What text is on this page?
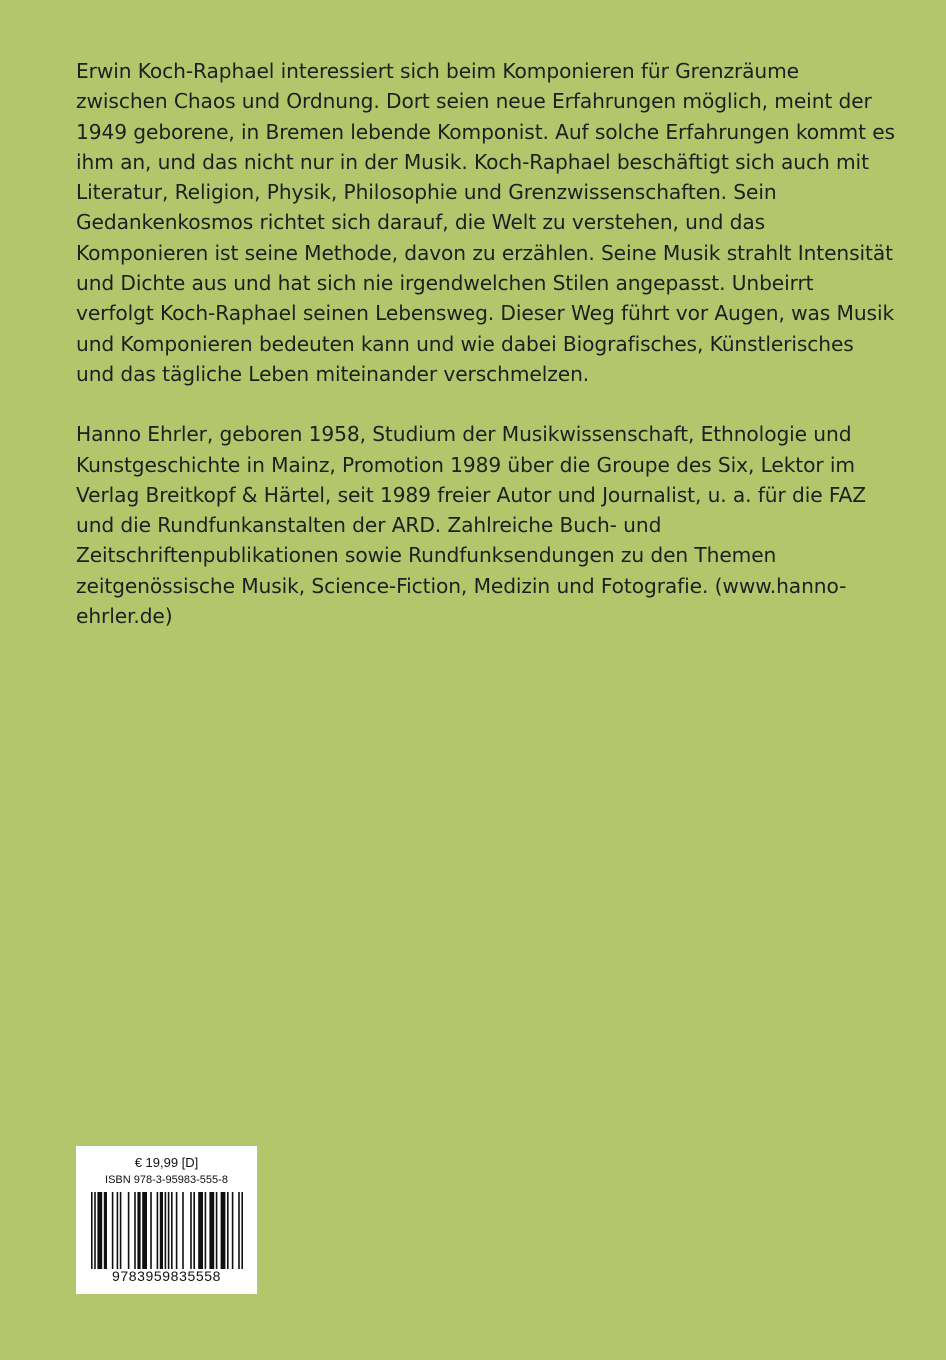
Erwin Koch-Raphael interessiert sich beim Komponieren für Grenzräume zwischen Chaos und Ordnung. Dort seien neue Erfahrungen möglich, meint der 1949 geborene, in Bremen lebende Komponist. Auf solche Erfahrungen kommt es ihm an, und das nicht nur in der Musik. Koch-Raphael beschäftigt sich auch mit Literatur, Religion, Physik, Philosophie und Grenzwissenschaften. Sein Gedankenkosmos richtet sich darauf, die Welt zu verstehen, und das Komponieren ist seine Methode, davon zu erzählen. Seine Musik strahlt Intensität und Dichte aus und hat sich nie irgendwelchen Stilen angepasst. Unbeirrt verfolgt Koch-Raphael seinen Lebensweg. Dieser Weg führt vor Augen, was Musik und Komponieren bedeuten kann und wie dabei Biografisches, Künstlerisches und das tägliche Leben miteinander verschmelzen.

Hanno Ehrler, geboren 1958, Studium der Musikwissenschaft, Ethnologie und Kunstgeschichte in Mainz, Promotion 1989 über die Groupe des Six, Lektor im Verlag Breitkopf & Härtel, seit 1989 freier Autor und Journalist, u. a. für die FAZ und die Rundfunkanstalten der ARD. Zahlreiche Buch- und Zeitschriftenpublikationen sowie Rundfunksendungen zu den Themen zeitgenössische Musik, Science-Fiction, Medizin und Fotografie. (www.hanno-ehrler.de)

€ 19,99 [D]
ISBN 978-3-95983-555-8
9783959835558
